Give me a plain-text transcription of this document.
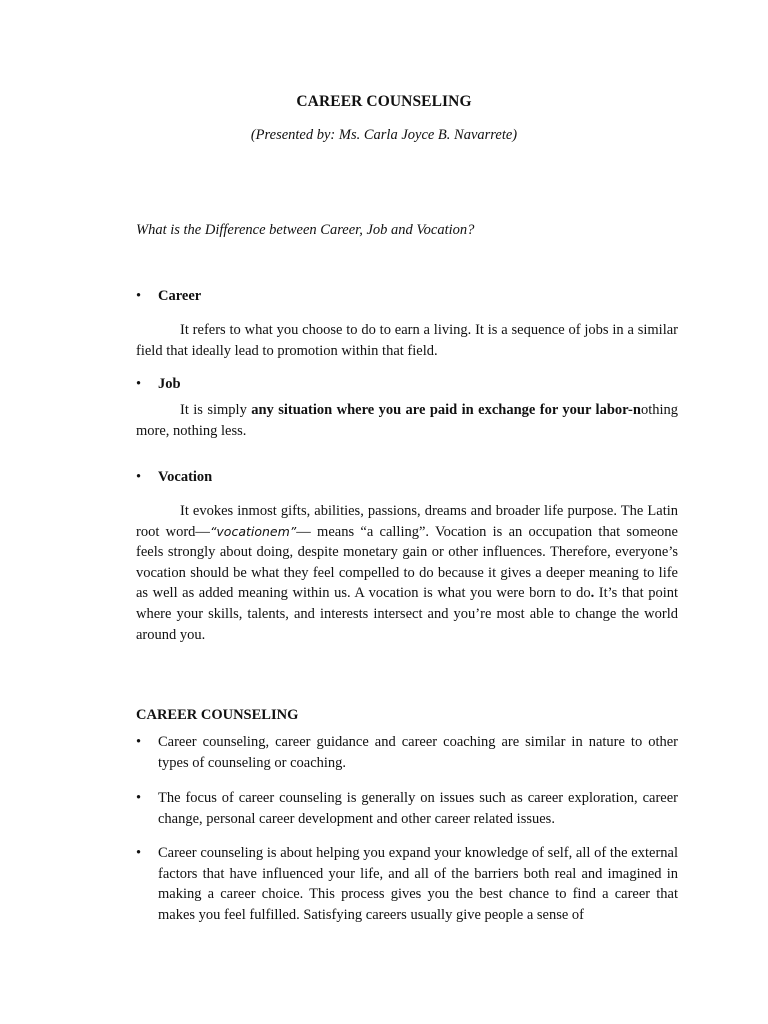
CAREER COUNSELING
(Presented by: Ms. Carla Joyce B. Navarrete)
What is the Difference between Career, Job and Vocation?
• Career
It refers to what you choose to do to earn a living. It is a sequence of jobs in a similar field that ideally lead to promotion within that field.
• Job
It is simply any situation where you are paid in exchange for your labor-nothing more, nothing less.
• Vocation
It evokes inmost gifts, abilities, passions, dreams and broader life purpose. The Latin root word—“vocationem”— means “a calling”. Vocation is an occupation that someone feels strongly about doing, despite monetary gain or other influences. Therefore, everyone’s vocation should be what they feel compelled to do because it gives a deeper meaning to life as well as added meaning within us. A vocation is what you were born to do. It’s that point where your skills, talents, and interests intersect and you’re most able to change the world around you.
CAREER COUNSELING
•	Career counseling, career guidance and career coaching are similar in nature to other types of counseling or coaching.
•	The focus of career counseling is generally on issues such as career exploration, career change, personal career development and other career related issues.
•	Career counseling is about helping you expand your knowledge of self, all of the external factors that have influenced your life, and all of the barriers both real and imagined in making a career choice. This process gives you the best chance to find a career that makes you feel fulfilled. Satisfying careers usually give people a sense of
